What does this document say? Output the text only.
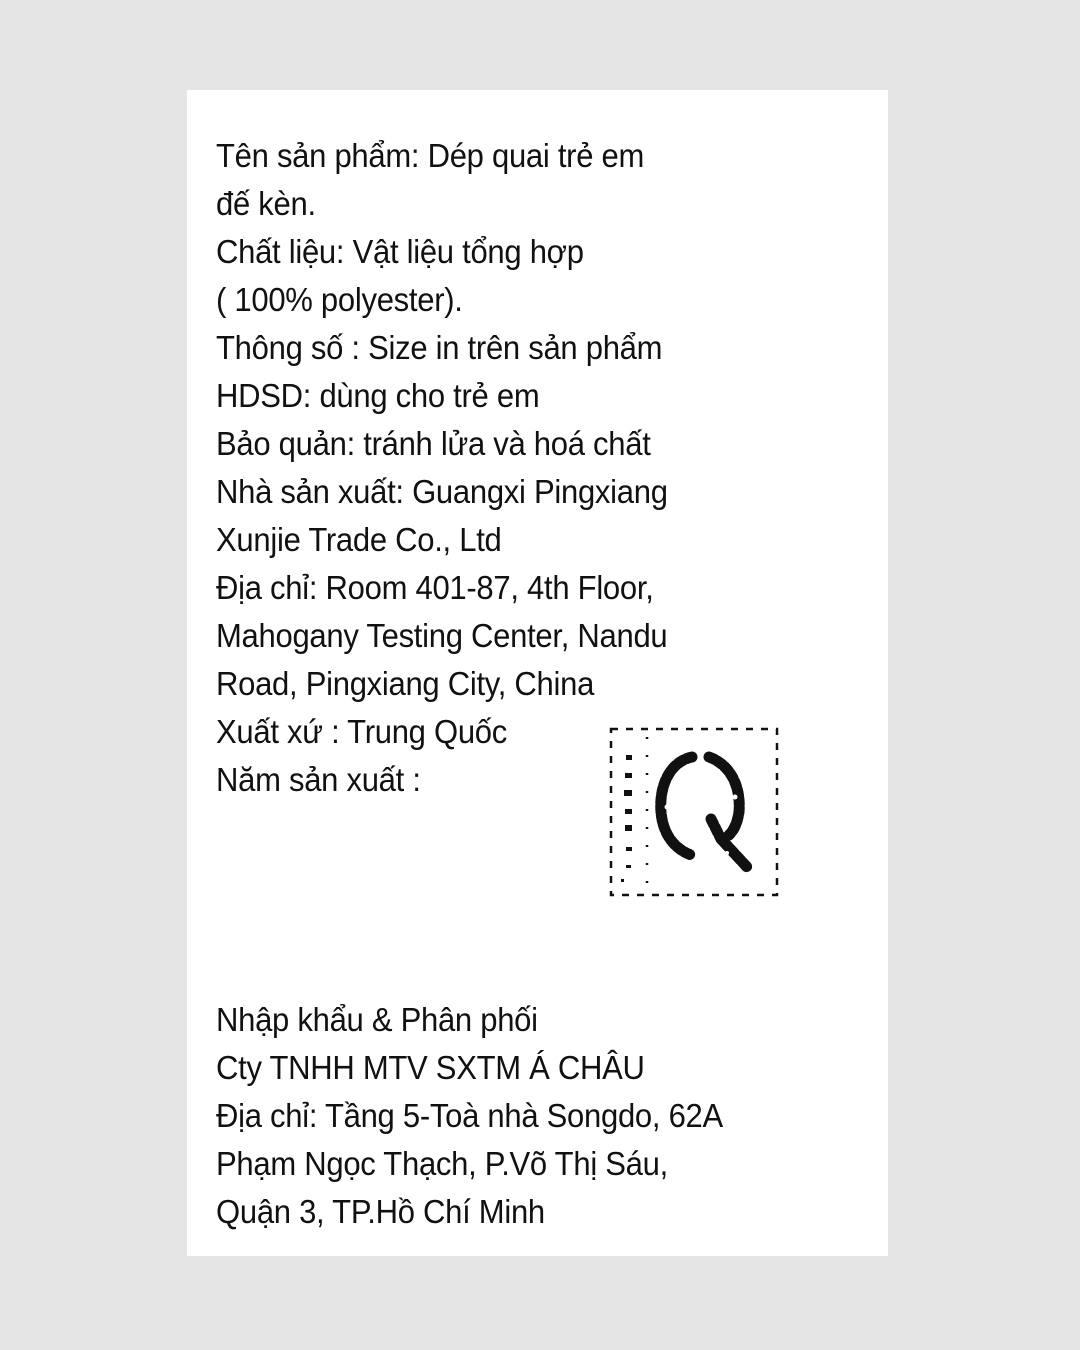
Tên sản phẩm: Dép quai trẻ em
đế kèn.
Chất liệu: Vật liệu tổng hợp
( 100% polyester).
Thông số : Size in trên sản phẩm
HDSD: dùng cho trẻ em
Bảo quản: tránh lửa và hoá chất
Nhà sản xuất: Guangxi Pingxiang
Xunjie Trade Co., Ltd
Địa chỉ: Room 401-87, 4th Floor,
Mahogany Testing Center, Nandu
Road, Pingxiang City, China
Xuất xứ : Trung Quốc
Năm sản xuất :
Nhập khẩu & Phân phối
Cty TNHH MTV SXTM Á CHÂU
Địa chỉ: Tầng 5-Toà nhà Songdo, 62A
Phạm Ngọc Thạch, P.Võ Thị Sáu,
Quận 3, TP.Hồ Chí Minh
